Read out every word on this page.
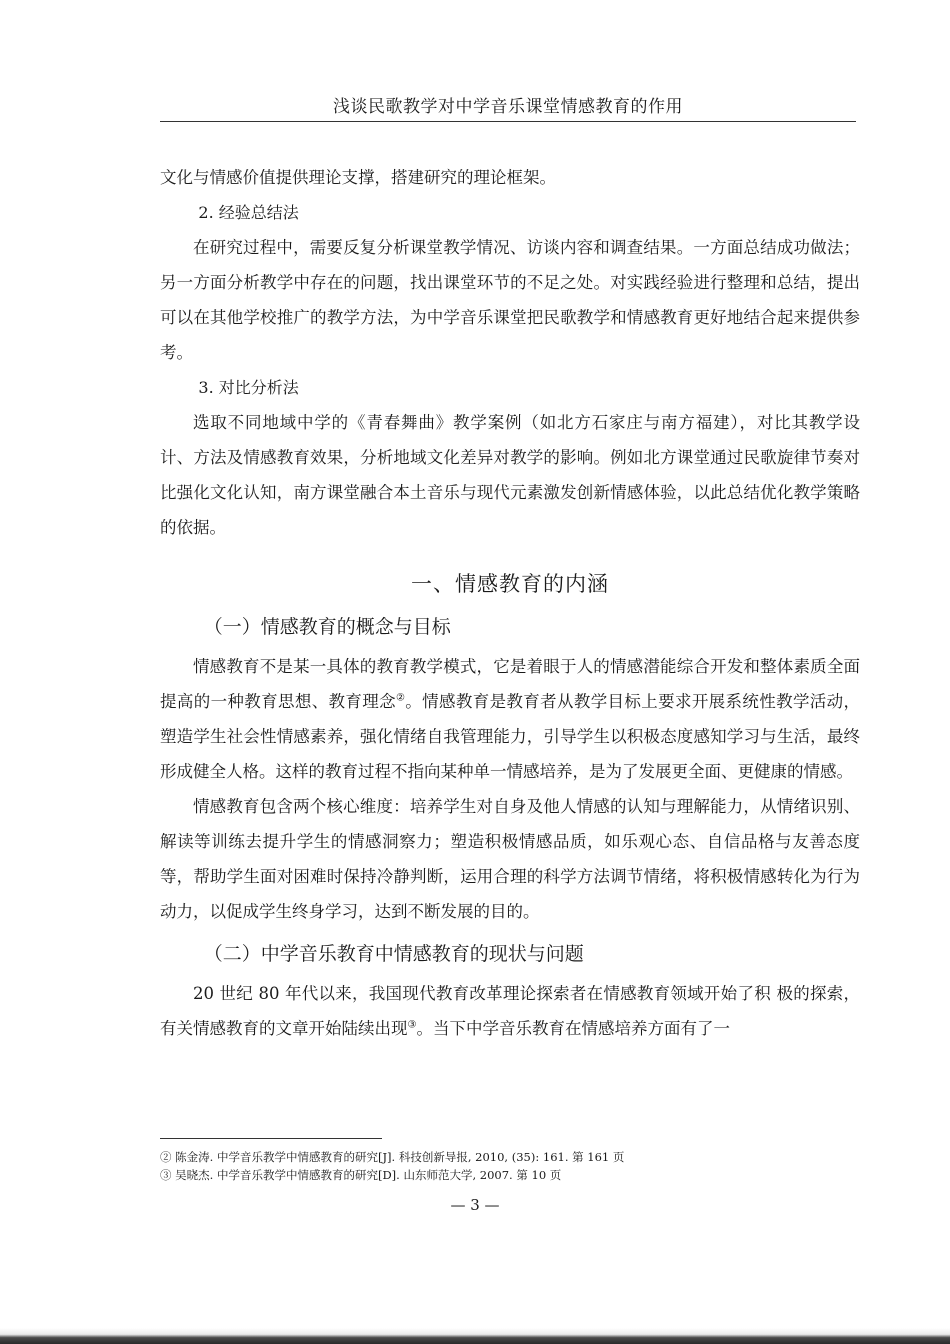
浅谈民歌教学对中学音乐课堂情感教育的作用

文化与情感价值提供理论支撑，搭建研究的理论框架。

2. 经验总结法

在研究过程中，需要反复分析课堂教学情况、访谈内容和调查结果。一方面总结成功做法；另一方面分析教学中存在的问题，找出课堂环节的不足之处。对实践经验进行整理和总结，提出可以在其他学校推广的教学方法，为中学音乐课堂把民歌教学和情感教育更好地结合起来提供参考。

3. 对比分析法

选取不同地域中学的《青春舞曲》教学案例（如北方石家庄与南方福建），对比其教学设计、方法及情感教育效果，分析地域文化差异对教学的影响。例如北方课堂通过民歌旋律节奏对比强化文化认知，南方课堂融合本土音乐与现代元素激发创新情感体验，以此总结优化教学策略的依据。

一、情感教育的内涵
（一）情感教育的概念与目标

情感教育不是某一具体的教育教学模式，它是着眼于人的情感潜能综合开发和整体素质全面提高的一种教育思想、教育理念②。情感教育是教育者从教学目标上要求开展系统性教学活动，塑造学生社会性情感素养，强化情绪自我管理能力，引导学生以积极态度感知学习与生活，最终形成健全人格。这样的教育过程不指向某种单一情感培养，是为了发展更全面、更健康的情感。

情感教育包含两个核心维度：培养学生对自身及他人情感的认知与理解能力，从情绪识别、解读等训练去提升学生的情感洞察力；塑造积极情感品质，如乐观心态、自信品格与友善态度等，帮助学生面对困难时保持冷静判断，运用合理的科学方法调节情绪，将积极情感转化为行为动力，以促成学生终身学习，达到不断发展的目的。

（二）中学音乐教育中情感教育的现状与问题

20 世纪 80 年代以来，我国现代教育改革理论探索者在情感教育领域开始了积 极的探索，有关情感教育的文章开始陆续出现③。当下中学音乐教育在情感培养方面有了一

② 陈金涛. 中学音乐教学中情感教育的研究[J]. 科技创新导报, 2010, (35): 161. 第 161 页
③ 吴晓杰. 中学音乐教学中情感教育的研究[D]. 山东师范大学, 2007. 第 10 页
— 3 —
